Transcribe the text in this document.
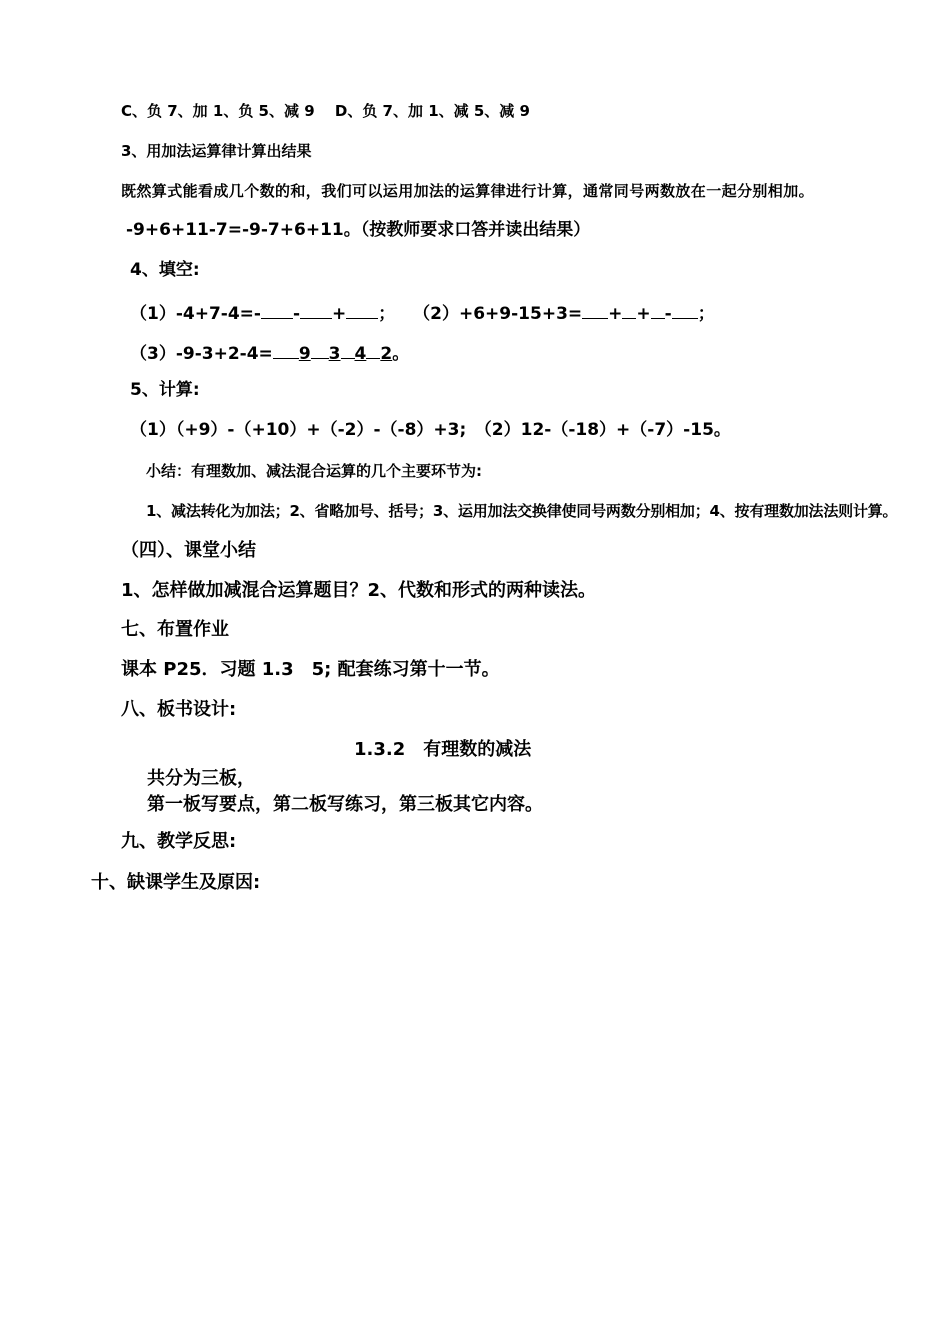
C、负 7、加 1、负 5、减 9　 D、负 7、加 1、减 5、减 9
3、用加法运算律计算出结果
既然算式能看成几个数的和，我们可以运用加法的运算律进行计算，通常同号两数放在一起分别相加。
-9+6+11-7=-9-7+6+11。（按教师要求口答并读出结果）
4、填空:
（1）-4+7-4=- - + ； （2）+6+9-15+3= + + - ；
（3）-9-3+2-4= 9 3 4 2。
5、计算:
（1）（+9）-（+10）+（-2）-（-8）+3;　（2）12-（-18）+（-7）-15。
小结：有理数加、减法混合运算的几个主要环节为:
1、减法转化为加法；2、省略加号、括号；3、运用加法交换律使同号两数分别相加；4、按有理数加法法则计算。
（四）、课堂小结
1、怎样做加减混合运算题目？2、代数和形式的两种读法。
七、布置作业
课本 P25．习题 1.3　5; 配套练习第十一节。
八、板书设计:
1.3.2　有理数的减法
共分为三板，
第一板写要点，第二板写练习，第三板其它内容。
九、教学反思:
十、缺课学生及原因:
